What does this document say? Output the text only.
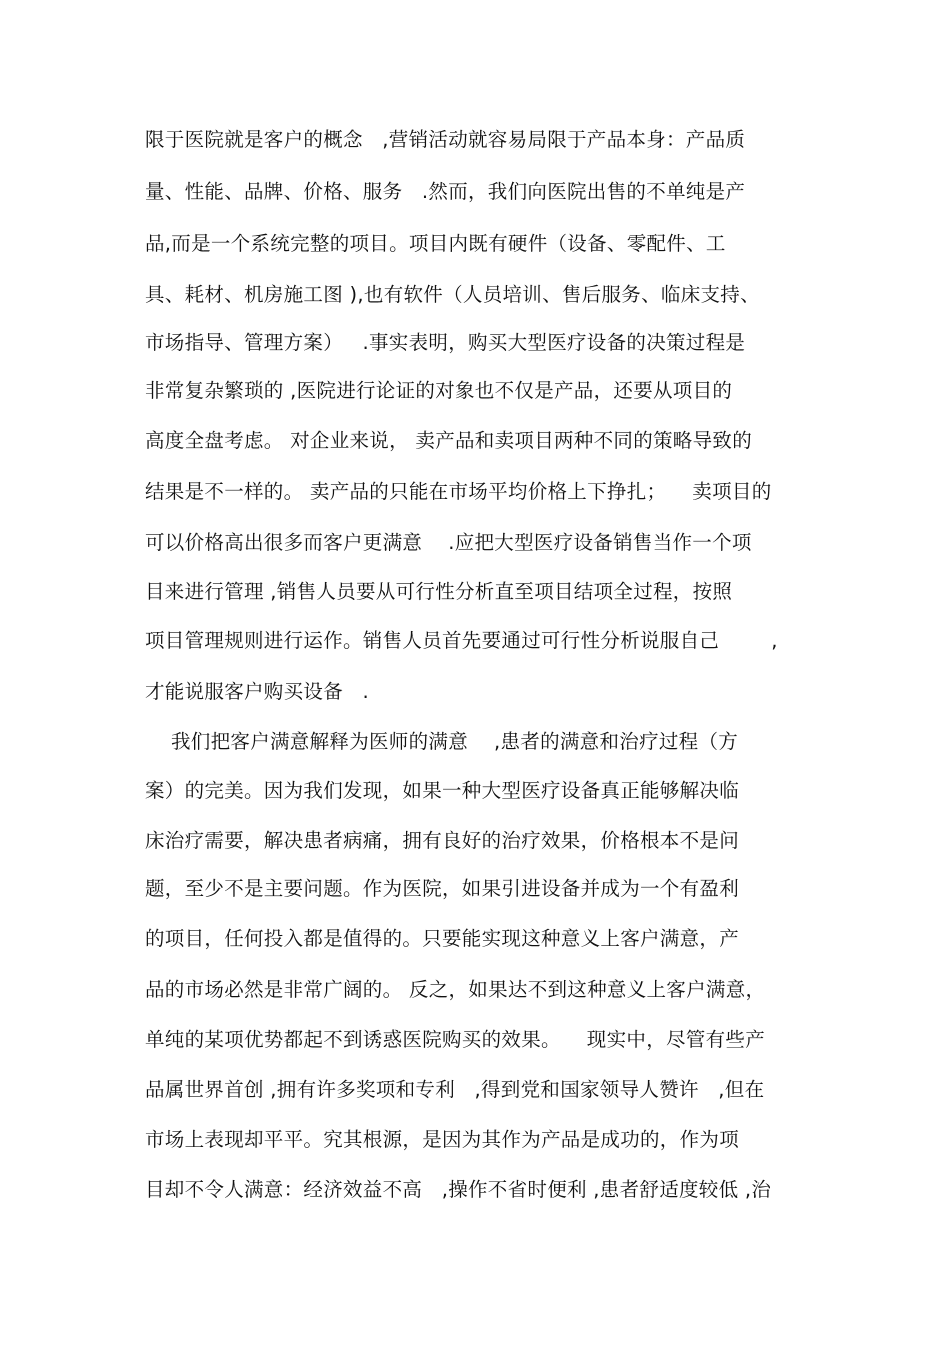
限于医院就是客户的概念   ,营销活动就容易局限于产品本身：产品质
量、性能、品牌、价格、服务   .然而，我们向医院出售的不单纯是产
品,而是一个系统完整的项目。项目内既有硬件（设备、零配件、工
具、耗材、机房施工图 ),也有软件（人员培训、售后服务、临床支持、
市场指导、管理方案）   .事实表明，购买大型医疗设备的决策过程是
非常复杂繁琐的 ,医院进行论证的对象也不仅是产品，还要从项目的
高度全盘考虑。 对企业来说， 卖产品和卖项目两种不同的策略导致的
结果是不一样的。 卖产品的只能在市场平均价格上下挣扎；    卖项目的
可以价格高出很多而客户更满意    .应把大型医疗设备销售当作一个项
目来进行管理 ,销售人员要从可行性分析直至项目结项全过程，按照
项目管理规则进行运作。销售人员首先要通过可行性分析说服自己        ,
才能说服客户购买设备   .
我们把客户满意解释为医师的满意    ,患者的满意和治疗过程（方
案）的完美。因为我们发现，如果一种大型医疗设备真正能够解决临
床治疗需要，解决患者病痛，拥有良好的治疗效果，价格根本不是问
题，至少不是主要问题。作为医院，如果引进设备并成为一个有盈利
的项目，任何投入都是值得的。只要能实现这种意义上客户满意，产
品的市场必然是非常广阔的。 反之，如果达不到这种意义上客户满意，
单纯的某项优势都起不到诱惑医院购买的效果。    现实中，尽管有些产
品属世界首创 ,拥有许多奖项和专利   ,得到党和国家领导人赞许   ,但在
市场上表现却平平。究其根源，是因为其作为产品是成功的，作为项
目却不令人满意：经济效益不高   ,操作不省时便利 ,患者舒适度较低 ,治
